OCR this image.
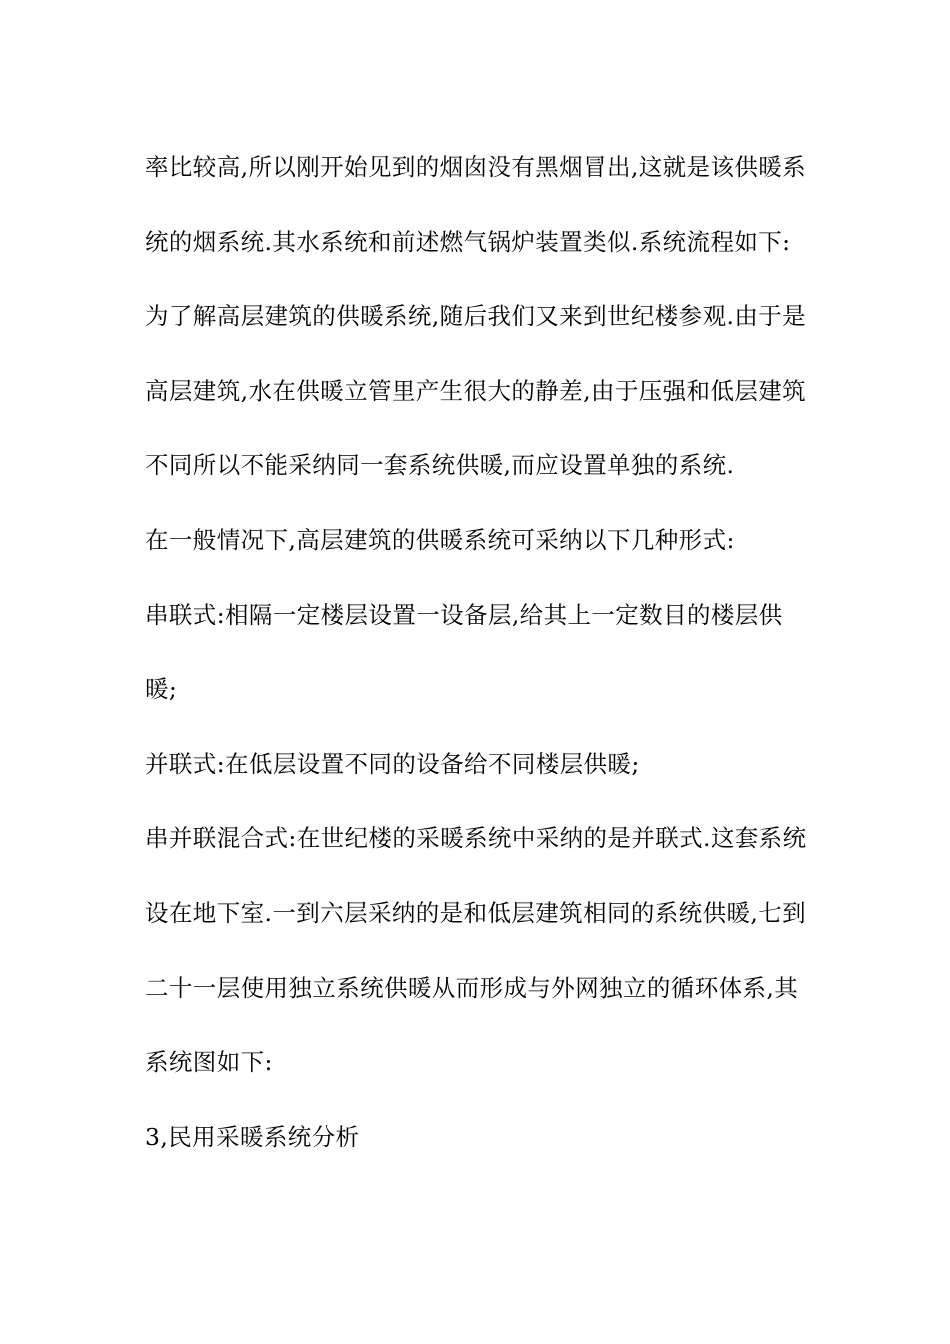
率比较高,所以刚开始见到的烟囱没有黑烟冒出,这就是该供暖系统的烟系统.其水系统和前述燃气锅炉装置类似.系统流程如下:

为了解高层建筑的供暖系统,随后我们又来到世纪楼参观.由于是高层建筑,水在供暖立管里产生很大的静差,由于压强和低层建筑不同所以不能采纳同一套系统供暖,而应设置单独的系统.

在一般情况下,高层建筑的供暖系统可采纳以下几种形式:

串联式:相隔一定楼层设置一设备层,给其上一定数目的楼层供暖;

并联式:在低层设置不同的设备给不同楼层供暖;

串并联混合式:在世纪楼的采暖系统中采纳的是并联式.这套系统设在地下室.一到六层采纳的是和低层建筑相同的系统供暖,七到二十一层使用独立系统供暖从而形成与外网独立的循环体系,其系统图如下:

3,民用采暖系统分析
